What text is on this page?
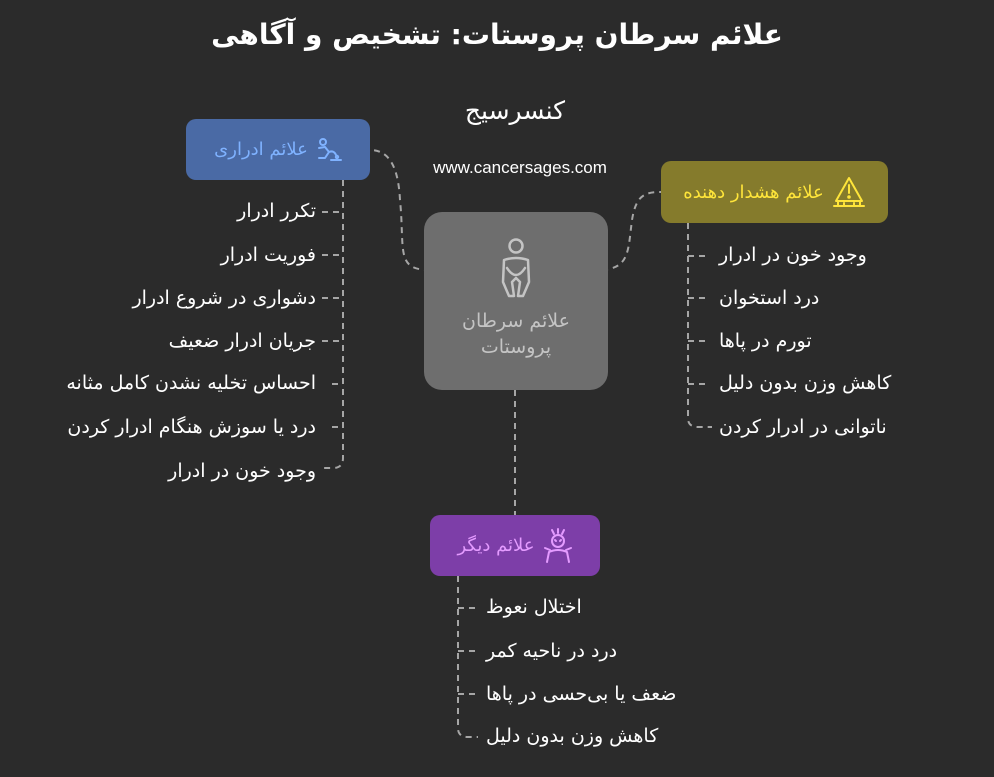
علائم سرطان پروستات: تشخیص و آگاهی
کنسرسیج
www.cancersages.com
علائم سرطان
پروستات
علائم ادراری
علائم هشدار دهنده
علائم دیگر
تکرر ادرار
فوریت ادرار
دشواری در شروع ادرار
جریان ادرار ضعیف
احساس تخلیه نشدن کامل مثانه
درد یا سوزش هنگام ادرار کردن
وجود خون در ادرار
وجود خون در ادرار
درد استخوان
تورم در پاها
کاهش وزن بدون دلیل
ناتوانی در ادرار کردن
اختلال نعوظ
درد در ناحیه کمر
ضعف یا بی‌حسی در پاها
کاهش وزن بدون دلیل
